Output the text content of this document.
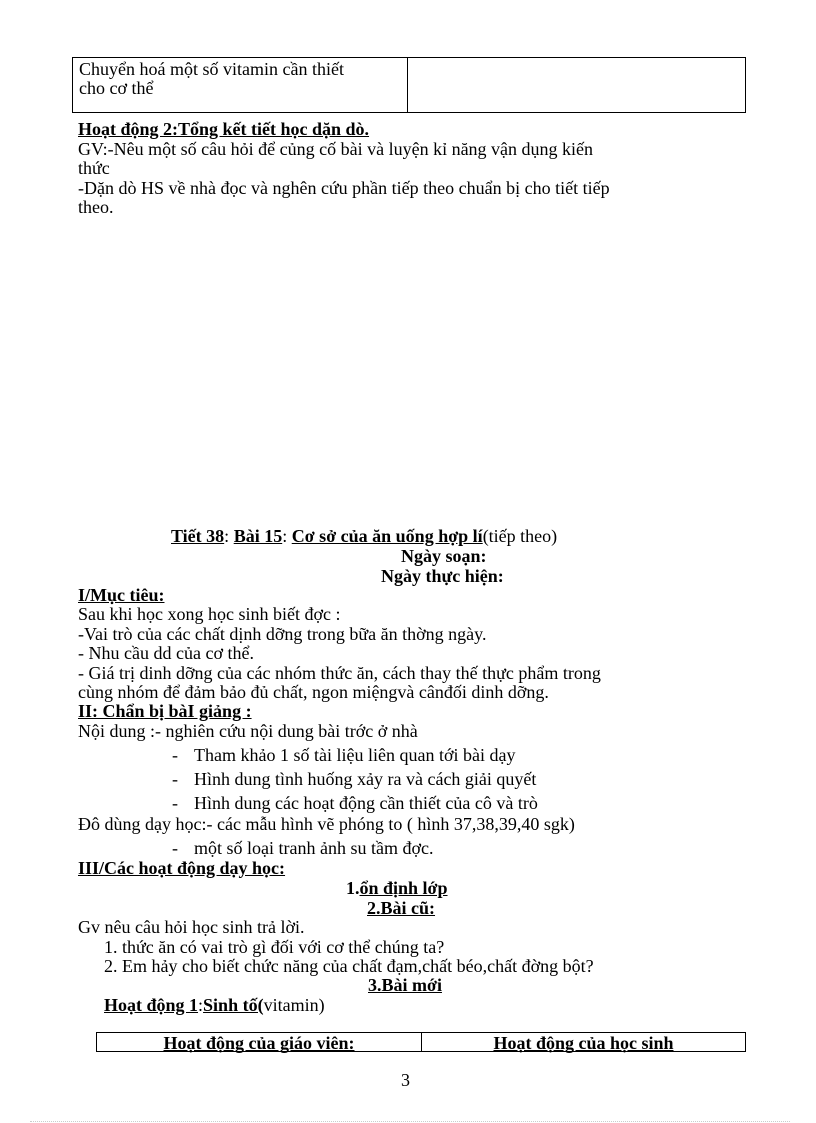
Chuyển hoá một số vitamin cần thiết
cho cơ thể
Hoạt động 2:Tổng kết tiết học dặn dò.
GV:-Nêu một số câu hỏi để củng cố bài và luyện kỉ năng vận dụng kiến
thức
-Dặn dò HS về nhà đọc và nghên cứu phần tiếp theo chuẩn bị cho tiết tiếp
theo.
Tiết 38: Bài 15: Cơ sở của ăn uống hợp lí(tiếp theo)
Ngày soạn:
Ngày thực hiện:
I/Mục tiêu:
Sau khi học xong học sinh biết đợc :
-Vai trò của các chất dịnh dỡng trong bữa ăn thờng ngày.
- Nhu cầu dd của cơ thể.
- Giá trị dinh dỡng của các nhóm thức ăn, cách thay thế thực phẩm trong
cùng nhóm để đảm bảo đủ chất, ngon miệngvà cânđối dinh dỡng.
II: Chẩn bị bàI giảng :
Nội dung :- nghiên cứu nội dung bài trớc ở nhà
- Tham khảo 1 số tài liệu liên quan tới bài dạy
- Hình dung tình huống xảy ra và cách giải quyết
- Hình dung các hoạt động cần thiết của cô và trò
Đô dùng dạy học:- các mẫu hình vẽ phóng to ( hình 37,38,39,40 sgk)
- một số loại tranh ảnh su tầm đợc.
III/Các hoạt động dạy học:
1.ổn định lớp
2.Bài cũ:
Gv nêu câu hỏi học sinh trả lời.
1. thức ăn có vai trò gì đối với cơ thể chúng ta?
2. Em hảy cho biết chức năng của chất đạm,chất béo,chất đờng bột?
3.Bài mới
Hoạt động 1:Sinh tố(vitamin)
Hoạt động của giáo viên:	Hoạt động của học sinh
3
